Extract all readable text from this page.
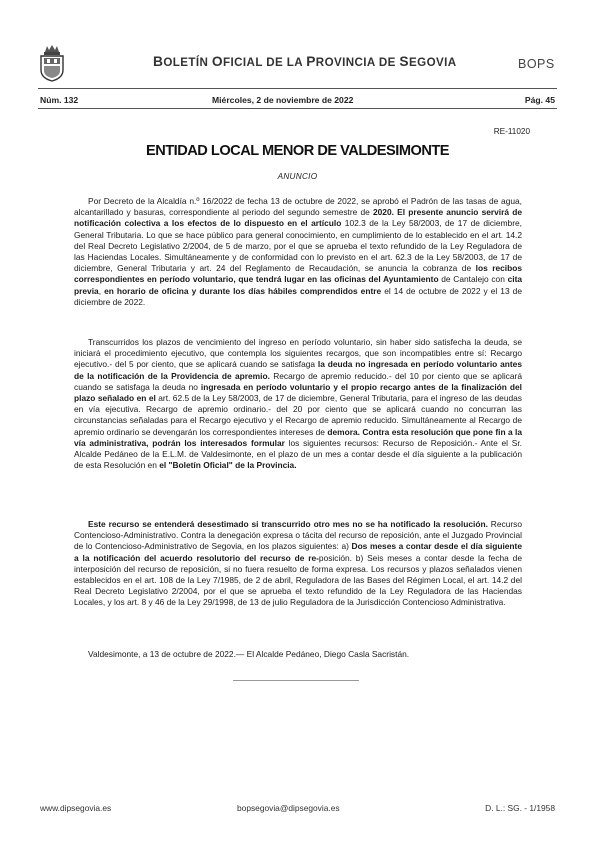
BOLETÍN OFICIAL DE LA PROVINCIA DE SEGOVIA	BOPS
Núm. 132	Miércoles, 2 de noviembre de 2022	Pág. 45
RE-11020
ENTIDAD LOCAL MENOR DE VALDESIMONTE
ANUNCIO

Por Decreto de la Alcaldía n.º 16/2022 de fecha 13 de octubre de 2022, se aprobó el Padrón de las tasas de agua, alcantarillado y basuras, correspondiente al periodo del segundo semestre de 2020. El presente anuncio servirá de notificación colectiva a los efectos de lo dispuesto en el artículo 102.3 de la Ley 58/2003, de 17 de diciembre, General Tributaria. Lo que se hace público para general conocimiento, en cumplimiento de lo establecido en el art. 14.2 del Real Decreto Legislativo 2/2004, de 5 de marzo, por el que se aprueba el texto refundido de la Ley Reguladora de las Haciendas Locales. Simultáneamente y de conformidad con lo previsto en el art. 62.3 de la Ley 58/2003, de 17 de diciembre, General Tributaria y art. 24 del Reglamento de Recaudación, se anuncia la cobranza de los recibos correspondientes en período voluntario, que tendrá lugar en las oficinas del Ayuntamiento de Cantalejo con cita previa, en horario de oficina y durante los días hábiles comprendidos entre el 14 de octubre de 2022 y el 13 de diciembre de 2022.

Transcurridos los plazos de vencimiento del ingreso en período voluntario, sin haber sido satisfecha la deuda, se iniciará el procedimiento ejecutivo, que contempla los siguientes recargos, que son incompatibles entre sí: Recargo ejecutivo.- del 5 por ciento, que se aplicará cuando se satisfaga la deuda no ingresada en período voluntario antes de la notificación de la Providencia de apremio. Recargo de apremio reducido.- del 10 por ciento que se aplicará cuando se satisfaga la deuda no ingresada en período voluntario y el propio recargo antes de la finalización del plazo señalado en el art. 62.5 de la Ley 58/2003, de 17 de diciembre, General Tributaria, para el ingreso de las deudas en vía ejecutiva. Recargo de apremio ordinario.- del 20 por ciento que se aplicará cuando no concurran las circunstancias señaladas para el Recargo ejecutivo y el Recargo de apremio reducido. Simultáneamente al Recargo de apremio ordinario se devengarán los correspondientes intereses de demora. Contra esta resolución que pone fin a la vía administrativa, podrán los interesados formular los siguientes recursos: Recurso de Reposición.- Ante el Sr. Alcalde Pedáneo de la E.L.M. de Valdesimonte, en el plazo de un mes a contar desde el día siguiente a la publicación de esta Resolución en el "Boletín Oficial" de la Provincia.

Este recurso se entenderá desestimado si transcurrido otro mes no se ha notificado la resolución. Recurso Contencioso-Administrativo. Contra la denegación expresa o tácita del recurso de reposición, ante el Juzgado Provincial de lo Contencioso-Administrativo de Segovia, en los plazos siguientes: a) Dos meses a contar desde el día siguiente a la notificación del acuerdo resolutorio del recurso de re-posición. b) Seis meses a contar desde la fecha de interposición del recurso de reposición, si no fuera resuelto de forma expresa. Los recursos y plazos señalados vienen establecidos en el art. 108 de la Ley 7/1985, de 2 de abril, Reguladora de las Bases del Régimen Local, el art. 14.2 del Real Decreto Legislativo 2/2004, por el que se aprueba el texto refundido de la Ley Reguladora de las Haciendas Locales, y los art. 8 y 46 de la Ley 29/1998, de 13 de julio Reguladora de la Jurisdicción Contencioso Administrativa.

Valdesimonte, a 13 de octubre de 2022.— El Alcalde Pedáneo, Diego Casla Sacristán.

www.dipsegovia.es	bopsegovia@dipsegovia.es	D. L.: SG. - 1/1958
